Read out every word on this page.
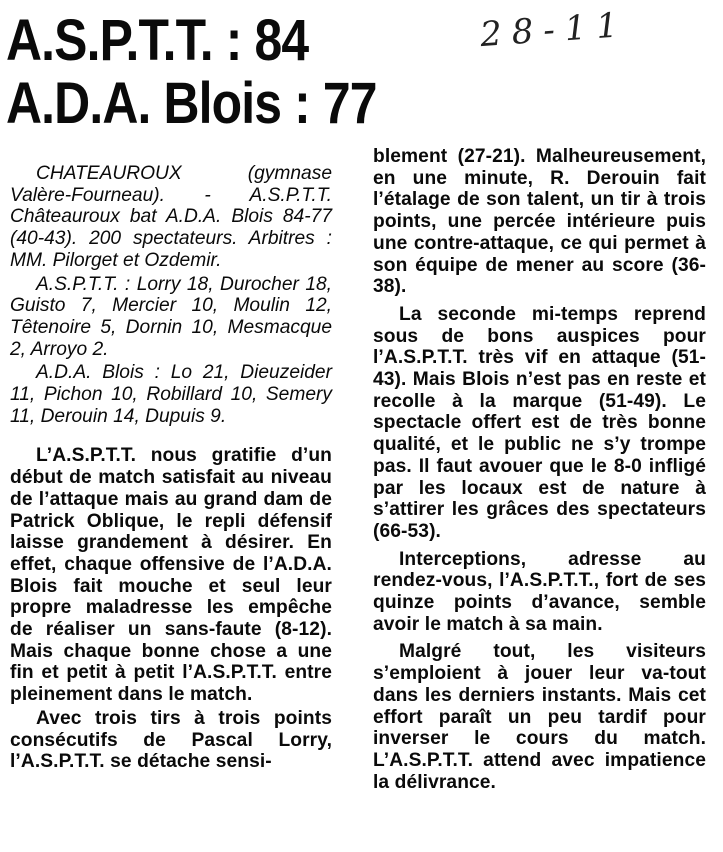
A.S.P.T.T. : 84
A.D.A. Blois : 77
28-11

CHATEAUROUX (gymnase Valère-Fourneau). - A.S.P.T.T. Châteauroux bat A.D.A. Blois 84-77 (40-43). 200 spectateurs. Arbitres : MM. Pilorget et Ozdemir.

A.S.P.T.T. : Lorry 18, Durocher 18, Guisto 7, Mercier 10, Moulin 12, Têtenoire 5, Dornin 10, Mesmacque 2, Arroyo 2.

A.D.A. Blois : Lo 21, Dieuzeider 11, Pichon 10, Robillard 10, Semery 11, Derouin 14, Dupuis 9.

L’A.S.P.T.T. nous gratifie d’un début de match satisfait au niveau de l’attaque mais au grand dam de Patrick Oblique, le repli défensif laisse grandement à désirer. En effet, chaque offensive de l’A.D.A. Blois fait mouche et seul leur propre maladresse les empêche de réaliser un sans-faute (8-12). Mais chaque bonne chose a une fin et petit à petit l’A.S.P.T.T. entre pleinement dans le match.

Avec trois tirs à trois points consécutifs de Pascal Lorry, l’A.S.P.T.T. se détache sensi-

blement (27-21). Malheureusement, en une minute, R. Derouin fait l’étalage de son talent, un tir à trois points, une percée intérieure puis une contre-attaque, ce qui permet à son équipe de mener au score (36-38).

La seconde mi-temps reprend sous de bons auspices pour l’A.S.P.T.T. très vif en attaque (51-43). Mais Blois n’est pas en reste et recolle à la marque (51-49). Le spectacle offert est de très bonne qualité, et le public ne s’y trompe pas. Il faut avouer que le 8-0 infligé par les locaux est de nature à s’attirer les grâces des spectateurs (66-53).

Interceptions, adresse au rendez-vous, l’A.S.P.T.T., fort de ses quinze points d’avance, semble avoir le match à sa main.

Malgré tout, les visiteurs s’emploient à jouer leur va-tout dans les derniers instants. Mais cet effort paraît un peu tardif pour inverser le cours du match. L’A.S.P.T.T. attend avec impatience la délivrance.
